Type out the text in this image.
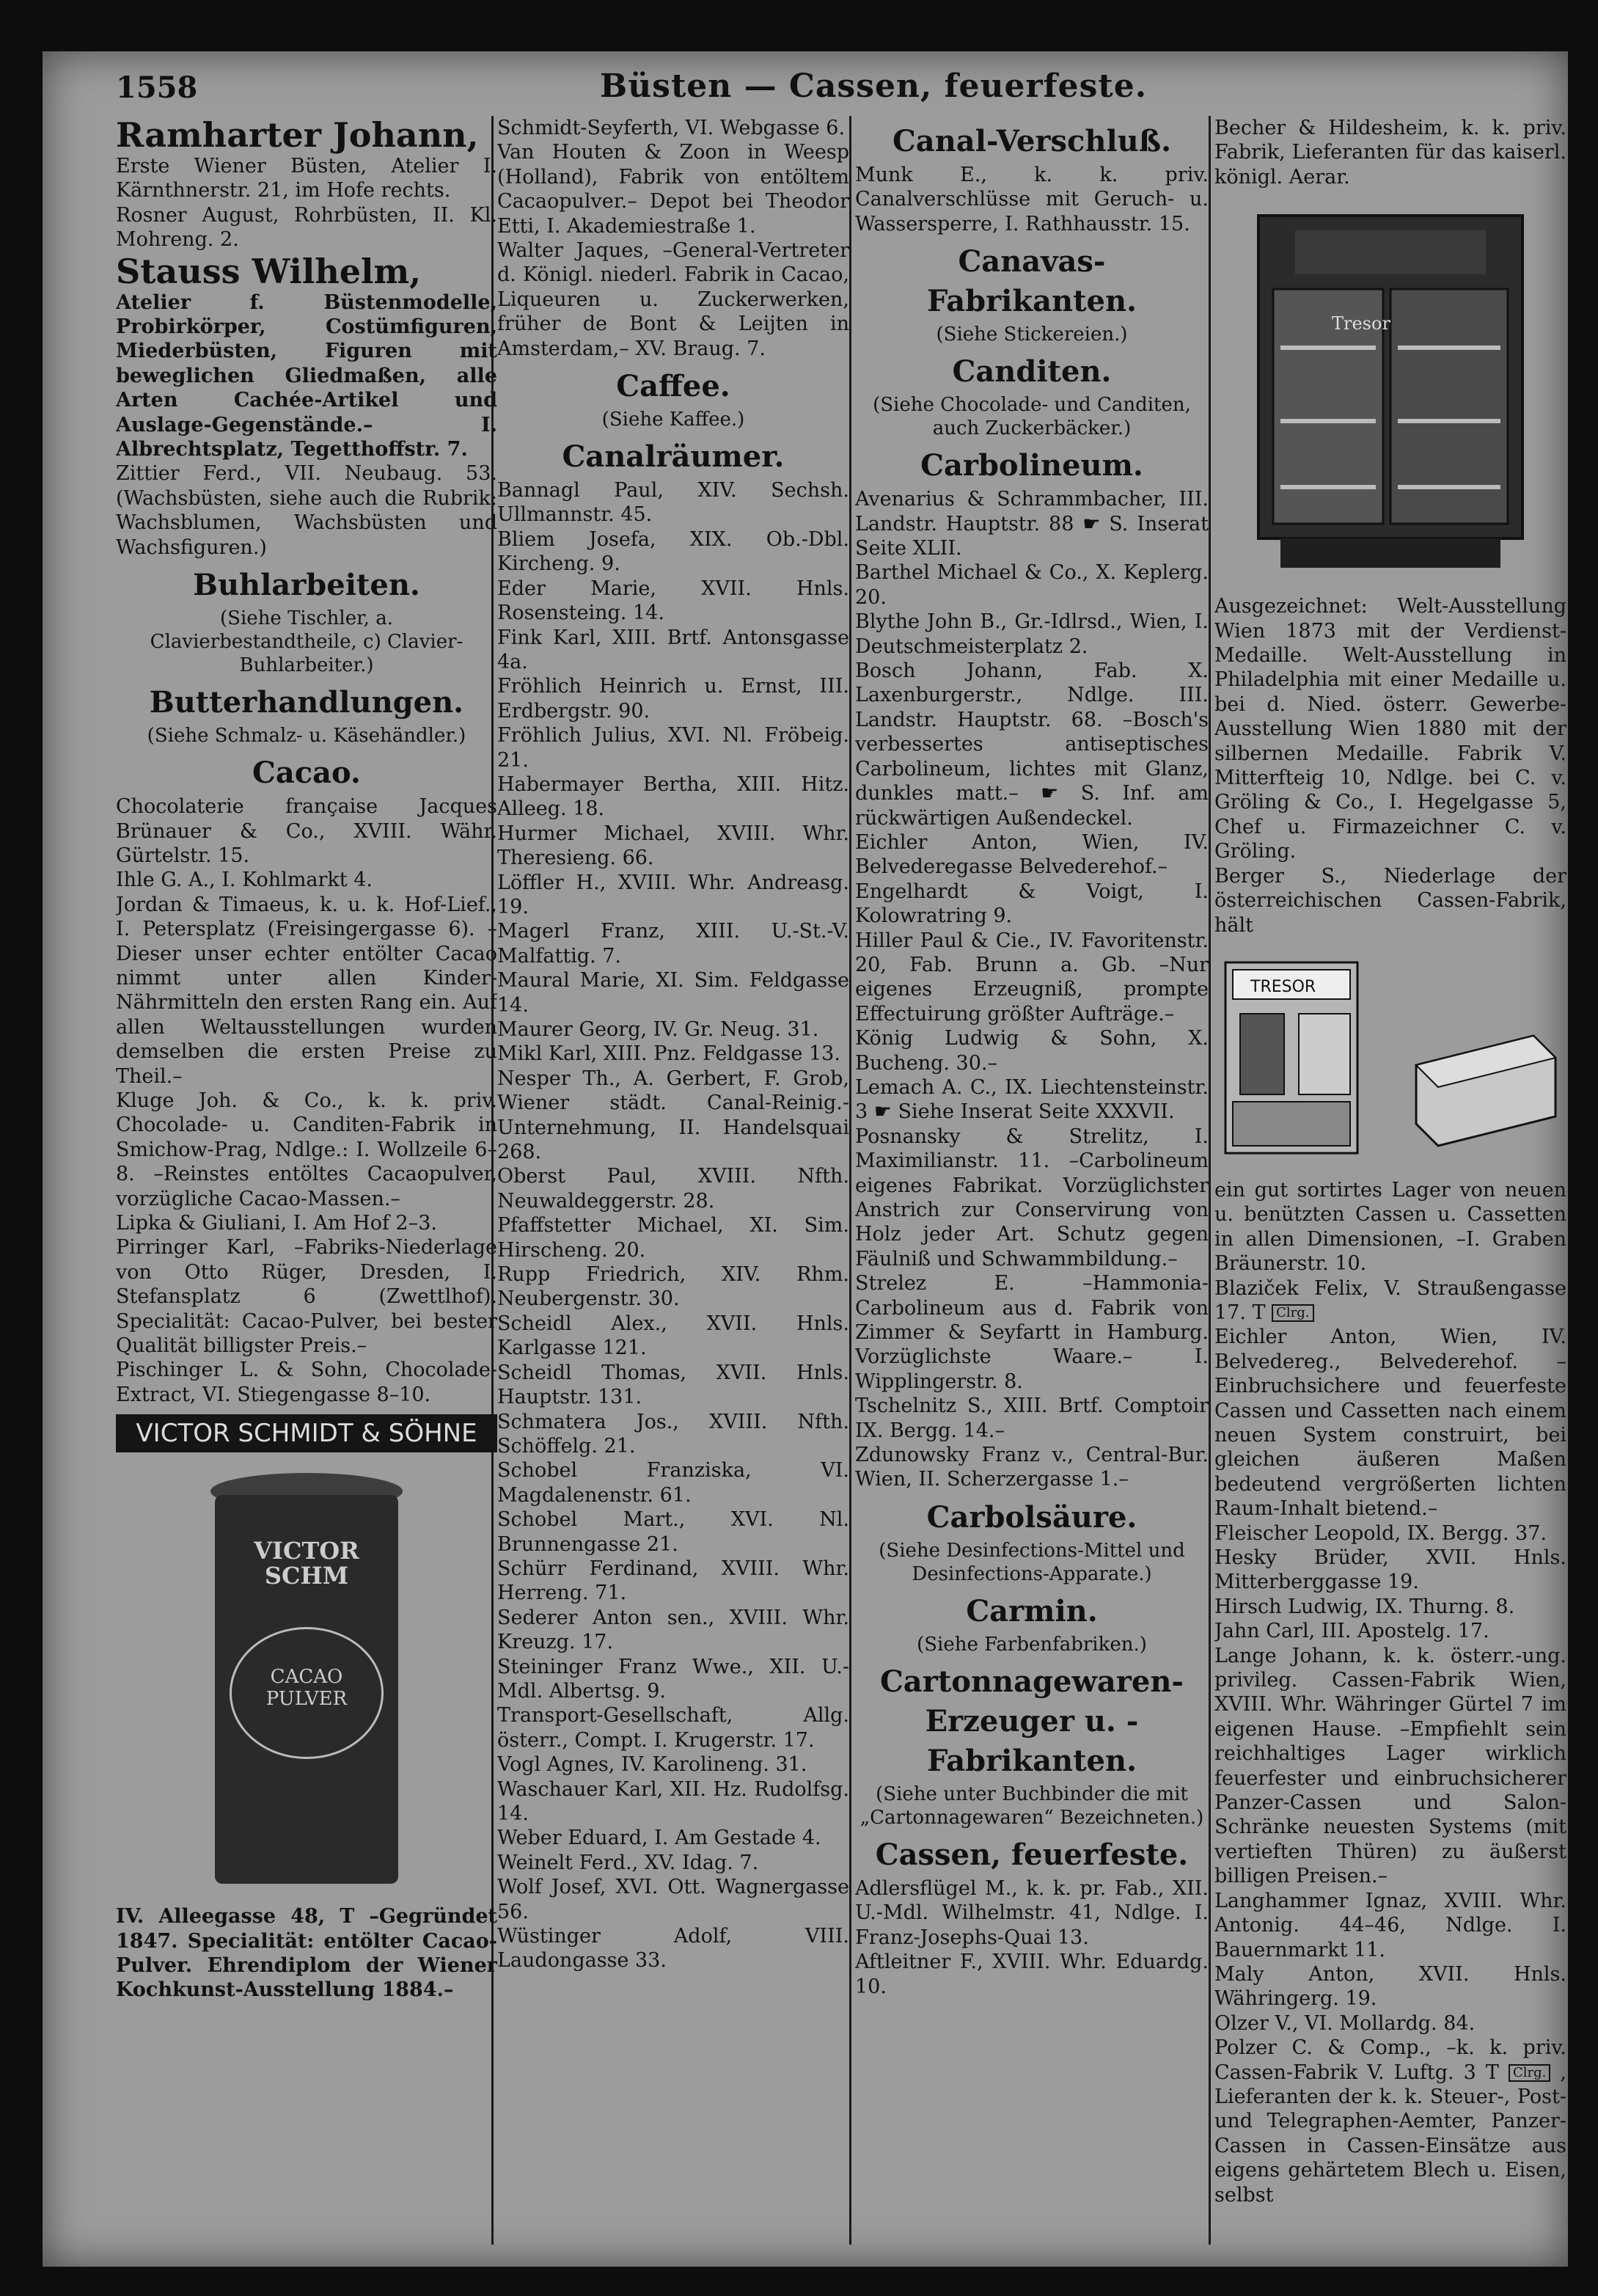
1558	Büsten — Cassen, feuerfeste.

Ramharter Johann,

Erste Wiener Büsten, Atelier I. Kärnthnerstr. 21, im Hofe rechts.

Rosner August, Rohrbüsten, II. Kl. Mohreng. 2.

Stauss Wilhelm,

Atelier f. Büstenmodelle, Probirkörper, Costümfiguren, Miederbüsten, Figuren mit beweglichen Gliedmaßen, alle Arten Cachée-Artikel und Auslage-Gegenstände.– I. Albrechtsplatz, Tegetthoffstr. 7.

Zittier Ferd., VII. Neubaug. 53. (Wachsbüsten, siehe auch die Rubrik: Wachsblumen, Wachsbüsten und Wachsfiguren.)

Buhlarbeiten.
(Siehe Tischler, a. Clavierbestandtheile, c) Clavier-Buhlarbeiter.)
Butterhandlungen.
(Siehe Schmalz- u. Käsehändler.)
Cacao.

Chocolaterie française Jacques Brünauer & Co., XVIII. Währ. Gürtelstr. 15.

Ihle G. A., I. Kohlmarkt 4.

Jordan & Timaeus, k. u. k. Hof-Lief., I. Petersplatz (Freisingergasse 6). –Dieser unser echter entölter Cacao nimmt unter allen Kinder-Nährmitteln den ersten Rang ein. Auf allen Weltausstellungen wurden demselben die ersten Preise zu Theil.–

Kluge Joh. & Co., k. k. priv. Chocolade- u. Canditen-Fabrik in Smichow-Prag, Ndlge.: I. Wollzeile 6–8. –Reinstes entöltes Cacaopulver, vorzügliche Cacao-Massen.–

Lipka & Giuliani, I. Am Hof 2–3.

Pirringer Karl, –Fabriks-Niederlage von Otto Rüger, Dresden, I. Stefansplatz 6 (Zwettlhof). Specialität: Cacao-Pulver, bei bester Qualität billigster Preis.–

Pischinger L. & Sohn, Chocolade-Extract, VI. Stiegengasse 8–10.

VICTOR SCHMIDT & SÖHNE
VICTOR SCHM
CACAO PULVER

IV. Alleegasse 48, T –Gegründet 1847. Specialität: entölter Cacao-Pulver. Ehrendiplom der Wiener Kochkunst-Ausstellung 1884.–

Schmidt-Seyferth, VI. Webgasse 6.

Van Houten & Zoon in Weesp (Holland), Fabrik von entöltem Cacaopulver.– Depot bei Theodor Etti, I. Akademiestraße 1.

Walter Jaques, –General-Vertreter d. Königl. niederl. Fabrik in Cacao, Liqueuren u. Zuckerwerken, früher de Bont & Leijten in Amsterdam,– XV. Braug. 7.

Caffee.
(Siehe Kaffee.)
Canalräumer.

Bannagl Paul, XIV. Sechsh. Ullmannstr. 45.

Bliem Josefa, XIX. Ob.-Dbl. Kircheng. 9.

Eder Marie, XVII. Hnls. Rosensteing. 14.

Fink Karl, XIII. Brtf. Antonsgasse 4a.

Fröhlich Heinrich u. Ernst, III. Erdbergstr. 90.

Fröhlich Julius, XVI. Nl. Fröbeig. 21.

Habermayer Bertha, XIII. Hitz. Alleeg. 18.

Hurmer Michael, XVIII. Whr. Theresieng. 66.

Löffler H., XVIII. Whr. Andreasg. 19.

Magerl Franz, XIII. U.-St.-V. Malfattig. 7.

Maural Marie, XI. Sim. Feldgasse 14.

Maurer Georg, IV. Gr. Neug. 31.

Mikl Karl, XIII. Pnz. Feldgasse 13.

Nesper Th., A. Gerbert, F. Grob, Wiener städt. Canal-Reinig.-Unternehmung, II. Handelsquai 268.

Oberst Paul, XVIII. Nfth. Neuwaldeggerstr. 28.

Pfaffstetter Michael, XI. Sim. Hirscheng. 20.

Rupp Friedrich, XIV. Rhm. Neubergenstr. 30.

Scheidl Alex., XVII. Hnls. Karlgasse 121.

Scheidl Thomas, XVII. Hnls. Hauptstr. 131.

Schmatera Jos., XVIII. Nfth. Schöffelg. 21.

Schobel Franziska, VI. Magdalenenstr. 61.

Schobel Mart., XVI. Nl. Brunnengasse 21.

Schürr Ferdinand, XVIII. Whr. Herreng. 71.

Sederer Anton sen., XVIII. Whr. Kreuzg. 17.

Steininger Franz Wwe., XII. U.-Mdl. Albertsg. 9.

Transport-Gesellschaft, Allg. österr., Compt. I. Krugerstr. 17.

Vogl Agnes, IV. Karolineng. 31.

Waschauer Karl, XII. Hz. Rudolfsg. 14.

Weber Eduard, I. Am Gestade 4.

Weinelt Ferd., XV. Idag. 7.

Wolf Josef, XVI. Ott. Wagnergasse 56.

Wüstinger Adolf, VIII. Laudongasse 33.

Canal-Verschluß.

Munk E., k. k. priv. Canalverschlüsse mit Geruch- u. Wassersperre, I. Rathhausstr. 15.

Canavas-Fabrikanten.
(Siehe Stickereien.)
Canditen.
(Siehe Chocolade- und Canditen, auch Zuckerbäcker.)
Carbolineum.

Avenarius & Schrammbacher, III. Landstr. Hauptstr. 88 ☛ S. Inserat Seite XLII.

Barthel Michael & Co., X. Keplerg. 20.

Blythe John B., Gr.-Idlrsd., Wien, I. Deutschmeisterplatz 2.

Bosch Johann, Fab. X. Laxenburgerstr., Ndlge. III. Landstr. Hauptstr. 68. –Bosch's verbessertes antiseptisches Carbolineum, lichtes mit Glanz, dunkles matt.– ☛ S. Inf. am rückwärtigen Außendeckel.

Eichler Anton, Wien, IV. Belvederegasse Belvederehof.–

Engelhardt & Voigt, I. Kolowratring 9.

Hiller Paul & Cie., IV. Favoritenstr. 20, Fab. Brunn a. Gb. –Nur eigenes Erzeugniß, prompte Effectuirung größter Aufträge.–

König Ludwig & Sohn, X. Bucheng. 30.–

Lemach A. C., IX. Liechtensteinstr. 3 ☛ Siehe Inserat Seite XXXVII.

Posnansky & Strelitz, I. Maximilianstr. 11. –Carbolineum eigenes Fabrikat. Vorzüglichster Anstrich zur Conservirung von Holz jeder Art. Schutz gegen Fäulniß und Schwammbildung.–

Strelez E. –Hammonia-Carbolineum aus d. Fabrik von Zimmer & Seyfartt in Hamburg. Vorzüglichste Waare.– I. Wipplingerstr. 8.

Tschelnitz S., XIII. Brtf. Comptoir IX. Bergg. 14.–

Zdunowsky Franz v., Central-Bur. Wien, II. Scherzergasse 1.–

Carbolsäure.
(Siehe Desinfections-Mittel und Desinfections-Apparate.)
Carmin.
(Siehe Farbenfabriken.)
Cartonnagewaren-Erzeuger u. -Fabrikanten.
(Siehe unter Buchbinder die mit „Cartonnagewaren“ Bezeichneten.)
Cassen, feuerfeste.

Adlersflügel M., k. k. pr. Fab., XII. U.-Mdl. Wilhelmstr. 41, Ndlge. I. Franz-Josephs-Quai 13.

Aftleitner F., XVIII. Whr. Eduardg. 10.

Becher & Hildesheim, k. k. priv. Fabrik, Lieferanten für das kaiserl. königl. Aerar.

Tresor

Ausgezeichnet: Welt-Ausstellung Wien 1873 mit der Verdienst-Medaille. Welt-Ausstellung in Philadelphia mit einer Medaille u. bei d. Nied. österr. Gewerbe-Ausstellung Wien 1880 mit der silbernen Medaille. Fabrik V. Mitterfteig 10, Ndlge. bei C. v. Gröling & Co., I. Hegelgasse 5, Chef u. Firmazeichner C. v. Gröling.

Berger S., Niederlage der österreichischen Cassen-Fabrik, hält

TRESOR

ein gut sortirtes Lager von neuen u. benützten Cassen u. Cassetten in allen Dimensionen, –I. Graben Bräunerstr. 10.

Blaziček Felix, V. Straußengasse 17. T Clrg.

Eichler Anton, Wien, IV. Belvedereg., Belvederehof. –Einbruchsichere und feuerfeste Cassen und Cassetten nach einem neuen System construirt, bei gleichen äußeren Maßen bedeutend vergrößerten lichten Raum-Inhalt bietend.–

Fleischer Leopold, IX. Bergg. 37.

Hesky Brüder, XVII. Hnls. Mitterberggasse 19.

Hirsch Ludwig, IX. Thurng. 8.

Jahn Carl, III. Apostelg. 17.

Lange Johann, k. k. österr.-ung. privileg. Cassen-Fabrik Wien, XVIII. Whr. Währinger Gürtel 7 im eigenen Hause. –Empfiehlt sein reichhaltiges Lager wirklich feuerfester und einbruchsicherer Panzer-Cassen und Salon-Schränke neuesten Systems (mit vertieften Thüren) zu äußerst billigen Preisen.–

Langhammer Ignaz, XVIII. Whr. Antonig. 44–46, Ndlge. I. Bauernmarkt 11.

Maly Anton, XVII. Hnls. Währingerg. 19.

Olzer V., VI. Mollardg. 84.

Polzer C. & Comp., –k. k. priv. Cassen-Fabrik V. Luftg. 3 T Clrg. , Lieferanten der k. k. Steuer-, Post- und Telegraphen-Aemter, Panzer-Cassen in Cassen-Einsätze aus eigens gehärtetem Blech u. Eisen, selbst
